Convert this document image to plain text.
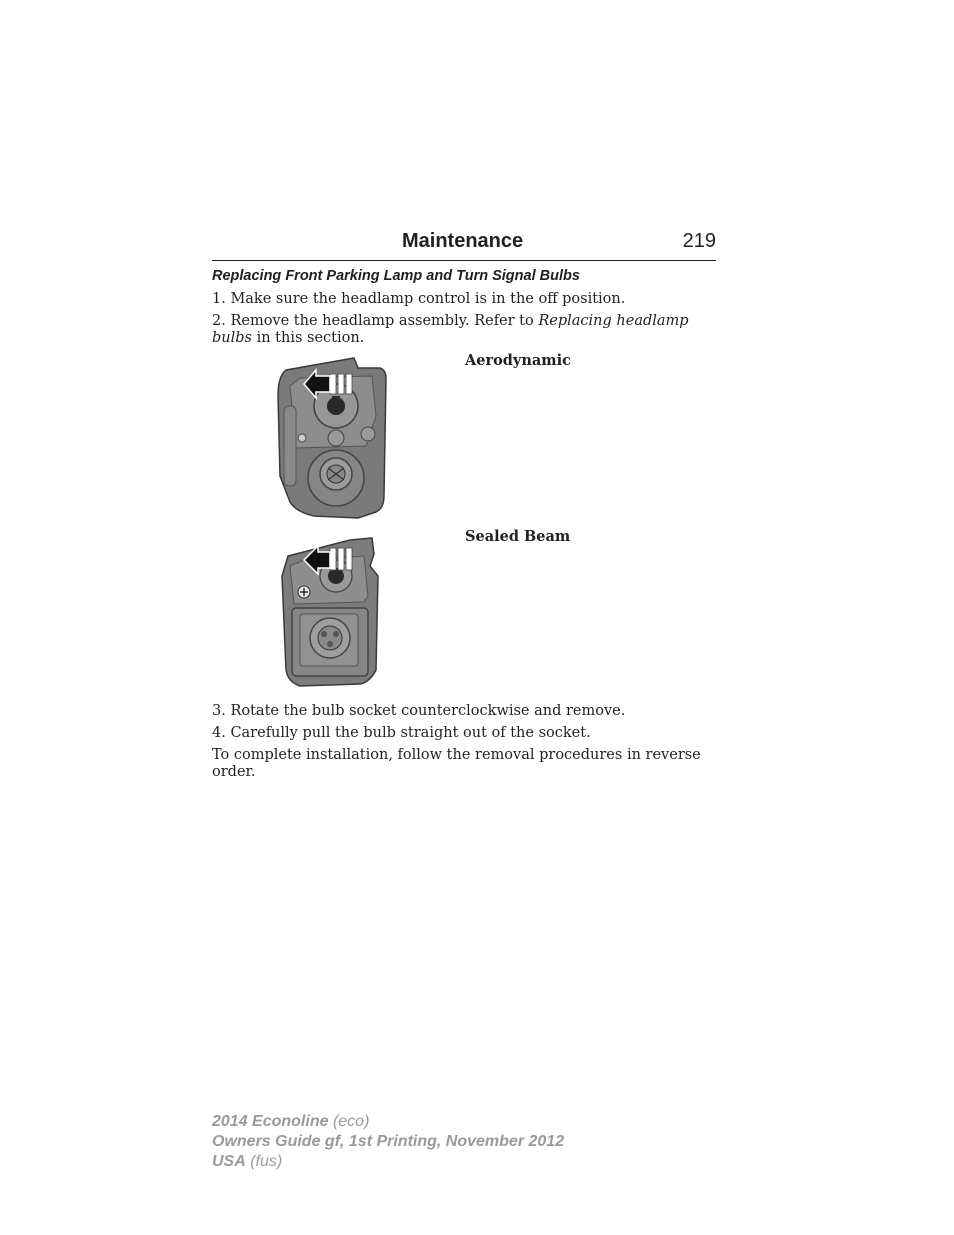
Maintenance	219
Replacing Front Parking Lamp and Turn Signal Bulbs
1. Make sure the headlamp control is in the off position.
2. Remove the headlamp assembly. Refer to Replacing headlamp bulbs in this section.
Aerodynamic
Sealed Beam
3. Rotate the bulb socket counterclockwise and remove.
4. Carefully pull the bulb straight out of the socket.
To complete installation, follow the removal procedures in reverse order.
2014 Econoline (eco)
Owners Guide gf, 1st Printing, November 2012
USA (fus)
